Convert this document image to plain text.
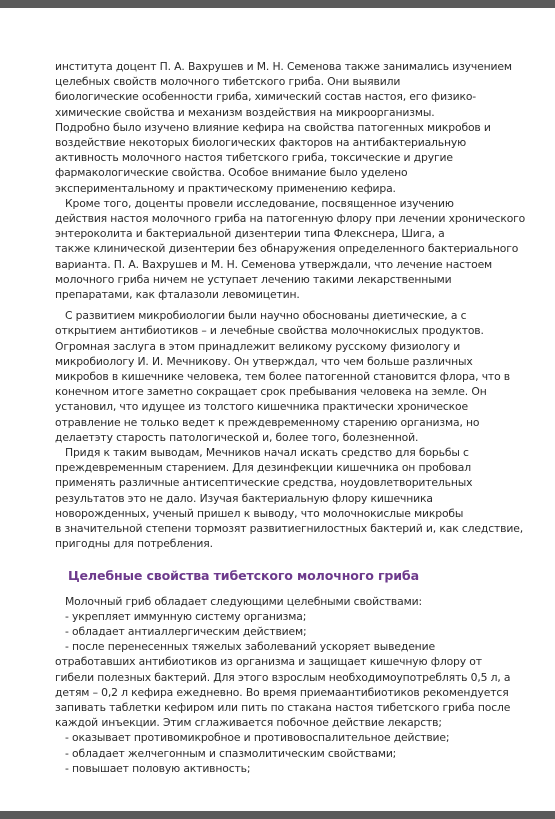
института доцент П. А. Вахрушев и М. Н. Семенова также занимались изучением
целебных свойств молочного тибетского гриба. Они выявили
биологические особенности гриба, химический состав настоя, его физико-
химические свойства и механизм воздействия на микроорганизмы.
Подробно было изучено влияние кефира на свойства патогенных микробов и
воздействие некоторых биологических факторов на антибактериальную
активность молочного настоя тибетского гриба, токсические и другие
фармакологические свойства. Особое внимание было уделено
экспериментальному и практическому применению кефира.
Кроме того, доценты провели исследование, посвященное изучению
действия настоя молочного гриба на патогенную флору при лечении хронического
энтероколита и бактериальной дизентерии типа Флекснера, Шига, а
также клинической дизентерии без обнаружения определенного бактериального
варианта. П. А. Вахрушев и М. Н. Семенова утверждали, что лечение настоем
молочного гриба ничем не уступает лечению такими лекарственными
препаратами, как фталазоли левомицетин.
С развитием микробиологии были научно обоснованы диетические, а с
открытием антибиотиков – и лечебные свойства молочнокислых продуктов.
Огромная заслуга в этом принадлежит великому русскому физиологу и
микробиологу И. И. Мечникову. Он утверждал, что чем больше различных
микробов в кишечнике человека, тем более патогенной становится флора, что в
конечном итоге заметно сокращает срок пребывания человека на земле. Он
установил, что идущее из толстого кишечника практически хроническое
отравление не только ведет к преждевременному старению организма, но
делаетэту старость патологической и, более того, болезненной.
Придя к таким выводам, Мечников начал искать средство для борьбы с
преждевременным старением. Для дезинфекции кишечника он пробовал
применять различные антисептические средства, ноудовлетворительных
результатов это не дало. Изучая бактериальную флору кишечника
новорожденных, ученый пришел к выводу, что молочнокислые микробы
в значительной степени тормозят развитиегнилостных бактерий и, как следствие,
пригодны для потребления.
Целебные свойства тибетского молочного гриба
Молочный гриб обладает следующими целебными свойствами:
- укрепляет иммунную систему организма;
- обладает антиаллергическим действием;
- после перенесенных тяжелых заболеваний ускоряет выведение
отработавших антибиотиков из организма и защищает кишечную флору от
гибели полезных бактерий. Для этого взрослым необходимоупотреблять 0,5 л, а
детям – 0,2 л кефира ежедневно. Во время приемаантибиотиков рекомендуется
запивать таблетки кефиром или пить по стакана настоя тибетского гриба после
каждой инъекции. Этим сглаживается побочное действие лекарств;
- оказывает противомикробное и противовоспалительное действие;
- обладает желчегонным и спазмолитическим свойствами;
- повышает половую активность;
